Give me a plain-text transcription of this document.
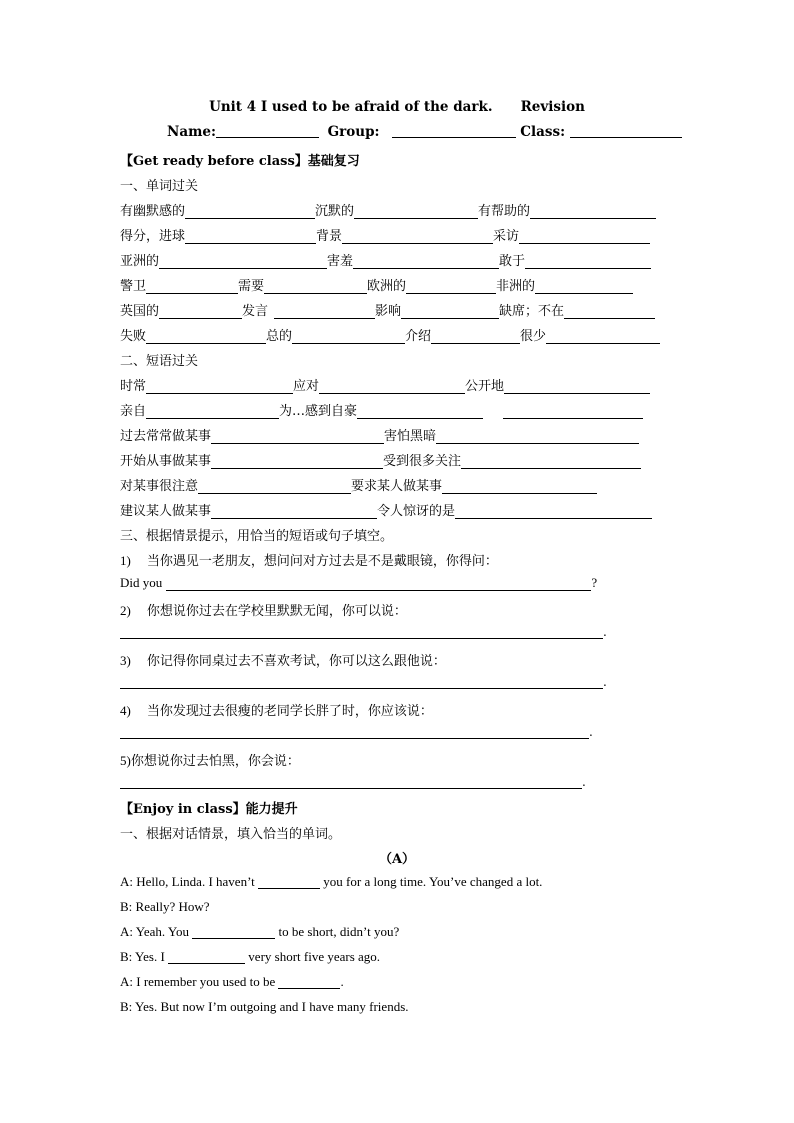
Unit 4 I used to be afraid of the dark. Revision
Name:	Group:	Class:
【Get ready before class】基础复习
一、单词过关
有幽默感的	沉默的	有帮助的
得分，进球	背景	采访
亚洲的	害羞	敢于
警卫	需要	欧洲的	非洲的
英国的	发言	影响	缺席；不在
失败	总的	介绍	很少
二、短语过关
时常	应对	公开地
亲自	为…感到自豪
过去常常做某事	害怕黑暗
开始从事做某事	受到很多关注
对某事很注意	要求某人做某事
建议某人做某事	令人惊讶的是
三、根据情景提示，用恰当的短语或句子填空。
1) 当你遇见一老朋友，想问问对方过去是不是戴眼镜，你得问：
Did you	?
2) 你想说你过去在学校里默默无闻，你可以说：
.
3) 你记得你同桌过去不喜欢考试，你可以这么跟他说：
.
4) 当你发现过去很瘦的老同学长胖了时，你应该说：
.
5)你想说你过去怕黑，你会说：
.
【Enjoy in class】能力提升
一、根据对话情景，填入恰当的单词。
（A）
A: Hello, Linda. I haven’t	you for a long time. You’ve changed a lot.
B: Really? How?
A: Yeah. You	to be short, didn’t you?
B: Yes. I	very short five years ago.
A: I remember you used to be	.
B: Yes. But now I’m outgoing and I have many friends.
